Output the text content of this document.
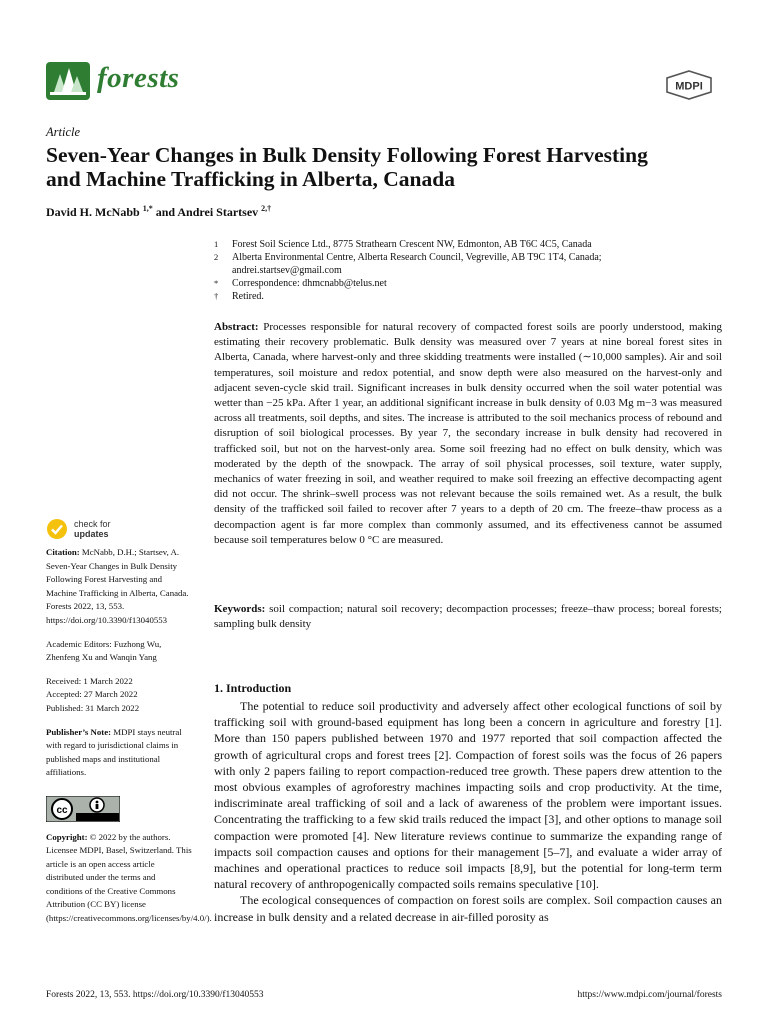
forests	MDPI
Article
Seven-Year Changes in Bulk Density Following Forest Harvesting and Machine Trafficking in Alberta, Canada
David H. McNabb $^{1,*}$ and Andrei Startsev $^{2,\dagger}$
1	Forest Soil Science Ltd., 8775 Strathearn Crescent NW, Edmonton, AB T6C 4C5, Canada
2	Alberta Environmental Centre, Alberta Research Council, Vegreville, AB T9C 1T4, Canada; andrei.startsev@gmail.com
*	Correspondence: dhmcnabb@telus.net
†	Retired.
Abstract: Processes responsible for natural recovery of compacted forest soils are poorly understood, making estimating their recovery problematic. Bulk density was measured over 7 years at nine boreal forest sites in Alberta, Canada, where harvest-only and three skidding treatments were installed (∼10,000 samples). Air and soil temperatures, soil moisture and redox potential, and snow depth were also measured on the harvest-only and adjacent seven-cycle skid trail. Significant increases in bulk density occurred when the soil water potential was wetter than −25 kPa. After 1 year, an additional significant increase in bulk density of 0.03 Mg m−3 was measured across all treatments, soil depths, and sites. The increase is attributed to the soil mechanics process of rebound and disruption of soil biological processes. By year 7, the secondary increase in bulk density had recovered in trafficked soil, but not on the harvest-only area. Some soil freezing had no effect on bulk density, which was moderated by the depth of the snowpack. The array of soil physical processes, soil texture, water supply, mechanics of water freezing in soil, and weather required to make soil freezing an effective decompacting agent did not occur. The shrink–swell process was not relevant because the soils remained wet. As a result, the bulk density of the trafficked soil failed to recover after 7 years to a depth of 20 cm. The freeze–thaw process as a decompaction agent is far more complex than commonly assumed, and its effectiveness cannot be assumed because soil temperatures below 0 °C are measured.
Keywords: soil compaction; natural soil recovery; decompaction processes; freeze–thaw process; boreal forests; sampling bulk density
check for
updates
Citation: McNabb, D.H.; Startsev, A. Seven-Year Changes in Bulk Density Following Forest Harvesting and Machine Trafficking in Alberta, Canada. Forests 2022, 13, 553. https://doi.org/10.3390/f13040553
Academic Editors: Fuzhong Wu, Zhenfeng Xu and Wanqin Yang
Received: 1 March 2022
Accepted: 27 March 2022
Published: 31 March 2022
Publisher’s Note: MDPI stays neutral with regard to jurisdictional claims in published maps and institutional affiliations.
cc
Copyright: © 2022 by the authors. Licensee MDPI, Basel, Switzerland. This article is an open access article distributed under the terms and conditions of the Creative Commons Attribution (CC BY) license (https://creativecommons.org/licenses/by/4.0/).
1. Introduction

The potential to reduce soil productivity and adversely affect other ecological functions of soil by trafficking soil with ground-based equipment has long been a concern in agriculture and forestry [1]. More than 150 papers published between 1970 and 1977 reported that soil compaction affected the growth of agricultural crops and forest trees [2]. Compaction of forest soils was the focus of 26 papers with only 2 papers failing to report compaction-reduced tree growth. These papers drew attention to the most obvious examples of agroforestry machines impacting soils and crop productivity. At the time, indiscriminate areal trafficking of soil and a lack of awareness of the problem were important issues. Concentrating the trafficking to a few skid trails reduced the impact [3], and other options to manage soil compaction were promoted [4]. New literature reviews continue to summarize the expanding range of impacts soil compaction causes and options for their management [5–7], and evaluate a wider array of machines and operational practices to reduce soil impacts [8,9], but the potential for long-term term natural recovery of anthropogenically compacted soils remains speculative [10].

The ecological consequences of compaction on forest soils are complex. Soil compaction causes an increase in bulk density and a related decrease in air-filled porosity as

Forests 2022, 13, 553. https://doi.org/10.3390/f13040553	https://www.mdpi.com/journal/forests
